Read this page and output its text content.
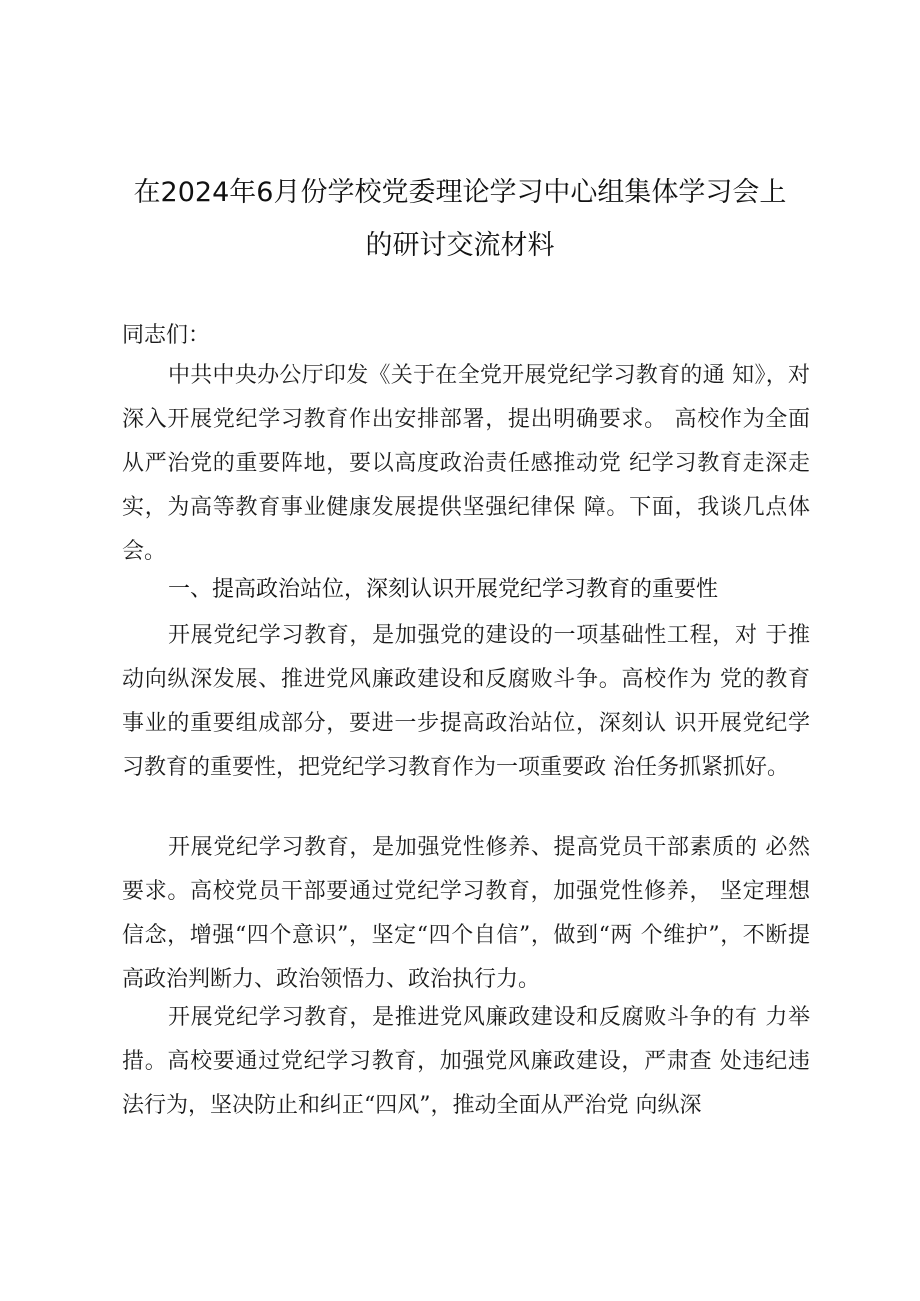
在2024年6月份学校党委理论学习中心组集体学习会上
的研讨交流材料
同志们：

中共中央办公厅印发《关于在全党开展党纪学习教育的通 知》，对深入开展党纪学习教育作出安排部署，提出明确要求。 高校作为全面从严治党的重要阵地，要以高度政治责任感推动党 纪学习教育走深走实，为高等教育事业健康发展提供坚强纪律保 障。下面，我谈几点体会。

一、提高政治站位，深刻认识开展党纪学习教育的重要性

开展党纪学习教育，是加强党的建设的一项基础性工程，对 于推动向纵深发展、推进党风廉政建设和反腐败斗争。高校作为 党的教育事业的重要组成部分，要进一步提高政治站位，深刻认 识开展党纪学习教育的重要性，把党纪学习教育作为一项重要政 治任务抓紧抓好。

开展党纪学习教育，是加强党性修养、提高党员干部素质的 必然要求。高校党员干部要通过党纪学习教育，加强党性修养， 坚定理想信念，增强“四个意识”，坚定“四个自信”，做到“两 个维护”，不断提高政治判断力、政治领悟力、政治执行力。

开展党纪学习教育，是推进党风廉政建设和反腐败斗争的有 力举措。高校要通过党纪学习教育，加强党风廉政建设，严肃查 处违纪违法行为，坚决防止和纠正“四风”，推动全面从严治党 向纵深
